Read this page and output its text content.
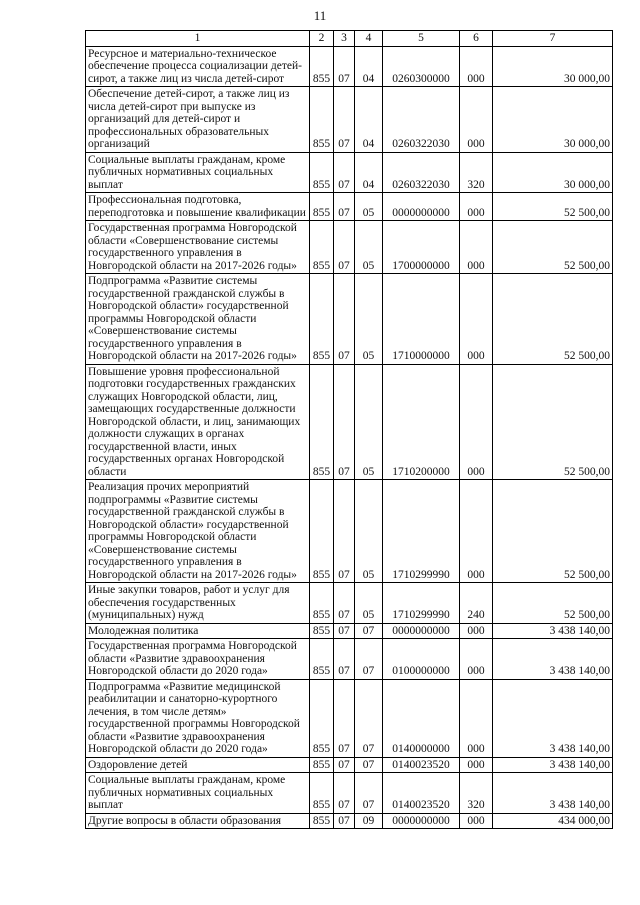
11
1	2	3	4	5	6	7
Ресурсное и материально-техническое обеспечение процесса социализации детей-сирот, а также лиц из числа детей-сирот	855	07	04	0260300000	000	30 000,00
Обеспечение детей-сирот, а также лиц из числа детей-сирот при выпуске из организаций для детей-сирот и профессиональных образовательных организаций	855	07	04	0260322030	000	30 000,00
Социальные выплаты гражданам, кроме публичных нормативных социальных выплат	855	07	04	0260322030	320	30 000,00
Профессиональная подготовка, переподготовка и повышение квалификации	855	07	05	0000000000	000	52 500,00
Государственная программа Новгородской области «Совершенствование системы государственного управления в Новгородской области на 2017-2026 годы»	855	07	05	1700000000	000	52 500,00
Подпрограмма «Развитие системы государственной гражданской службы в Новгородской области» государственной программы Новгородской области «Совершенствование системы государственного управления в Новгородской области на 2017-2026 годы»	855	07	05	1710000000	000	52 500,00
Повышение уровня профессиональной подготовки государственных гражданских служащих Новгородской области, лиц, замещающих государственные должности Новгородской области, и лиц, занимающих должности служащих в органах государственной власти, иных государственных органах Новгородской области	855	07	05	1710200000	000	52 500,00
Реализация прочих мероприятий подпрограммы «Развитие системы государственной гражданской службы в Новгородской области» государственной программы Новгородской области «Совершенствование системы государственного управления в Новгородской области на 2017-2026 годы»	855	07	05	1710299990	000	52 500,00
Иные закупки товаров, работ и услуг для обеспечения государственных (муниципальных) нужд	855	07	05	1710299990	240	52 500,00
Молодежная политика	855	07	07	0000000000	000	3 438 140,00
Государственная программа Новгородской области «Развитие здравоохранения Новгородской области до 2020 года»	855	07	07	0100000000	000	3 438 140,00
Подпрограмма «Развитие медицинской реабилитации и санаторно-курортного лечения, в том числе детям» государственной программы Новгородской области «Развитие здравоохранения Новгородской области до 2020 года»	855	07	07	0140000000	000	3 438 140,00
Оздоровление детей	855	07	07	0140023520	000	3 438 140,00
Социальные выплаты гражданам, кроме публичных нормативных социальных выплат	855	07	07	0140023520	320	3 438 140,00
Другие вопросы в области образования	855	07	09	0000000000	000	434 000,00
